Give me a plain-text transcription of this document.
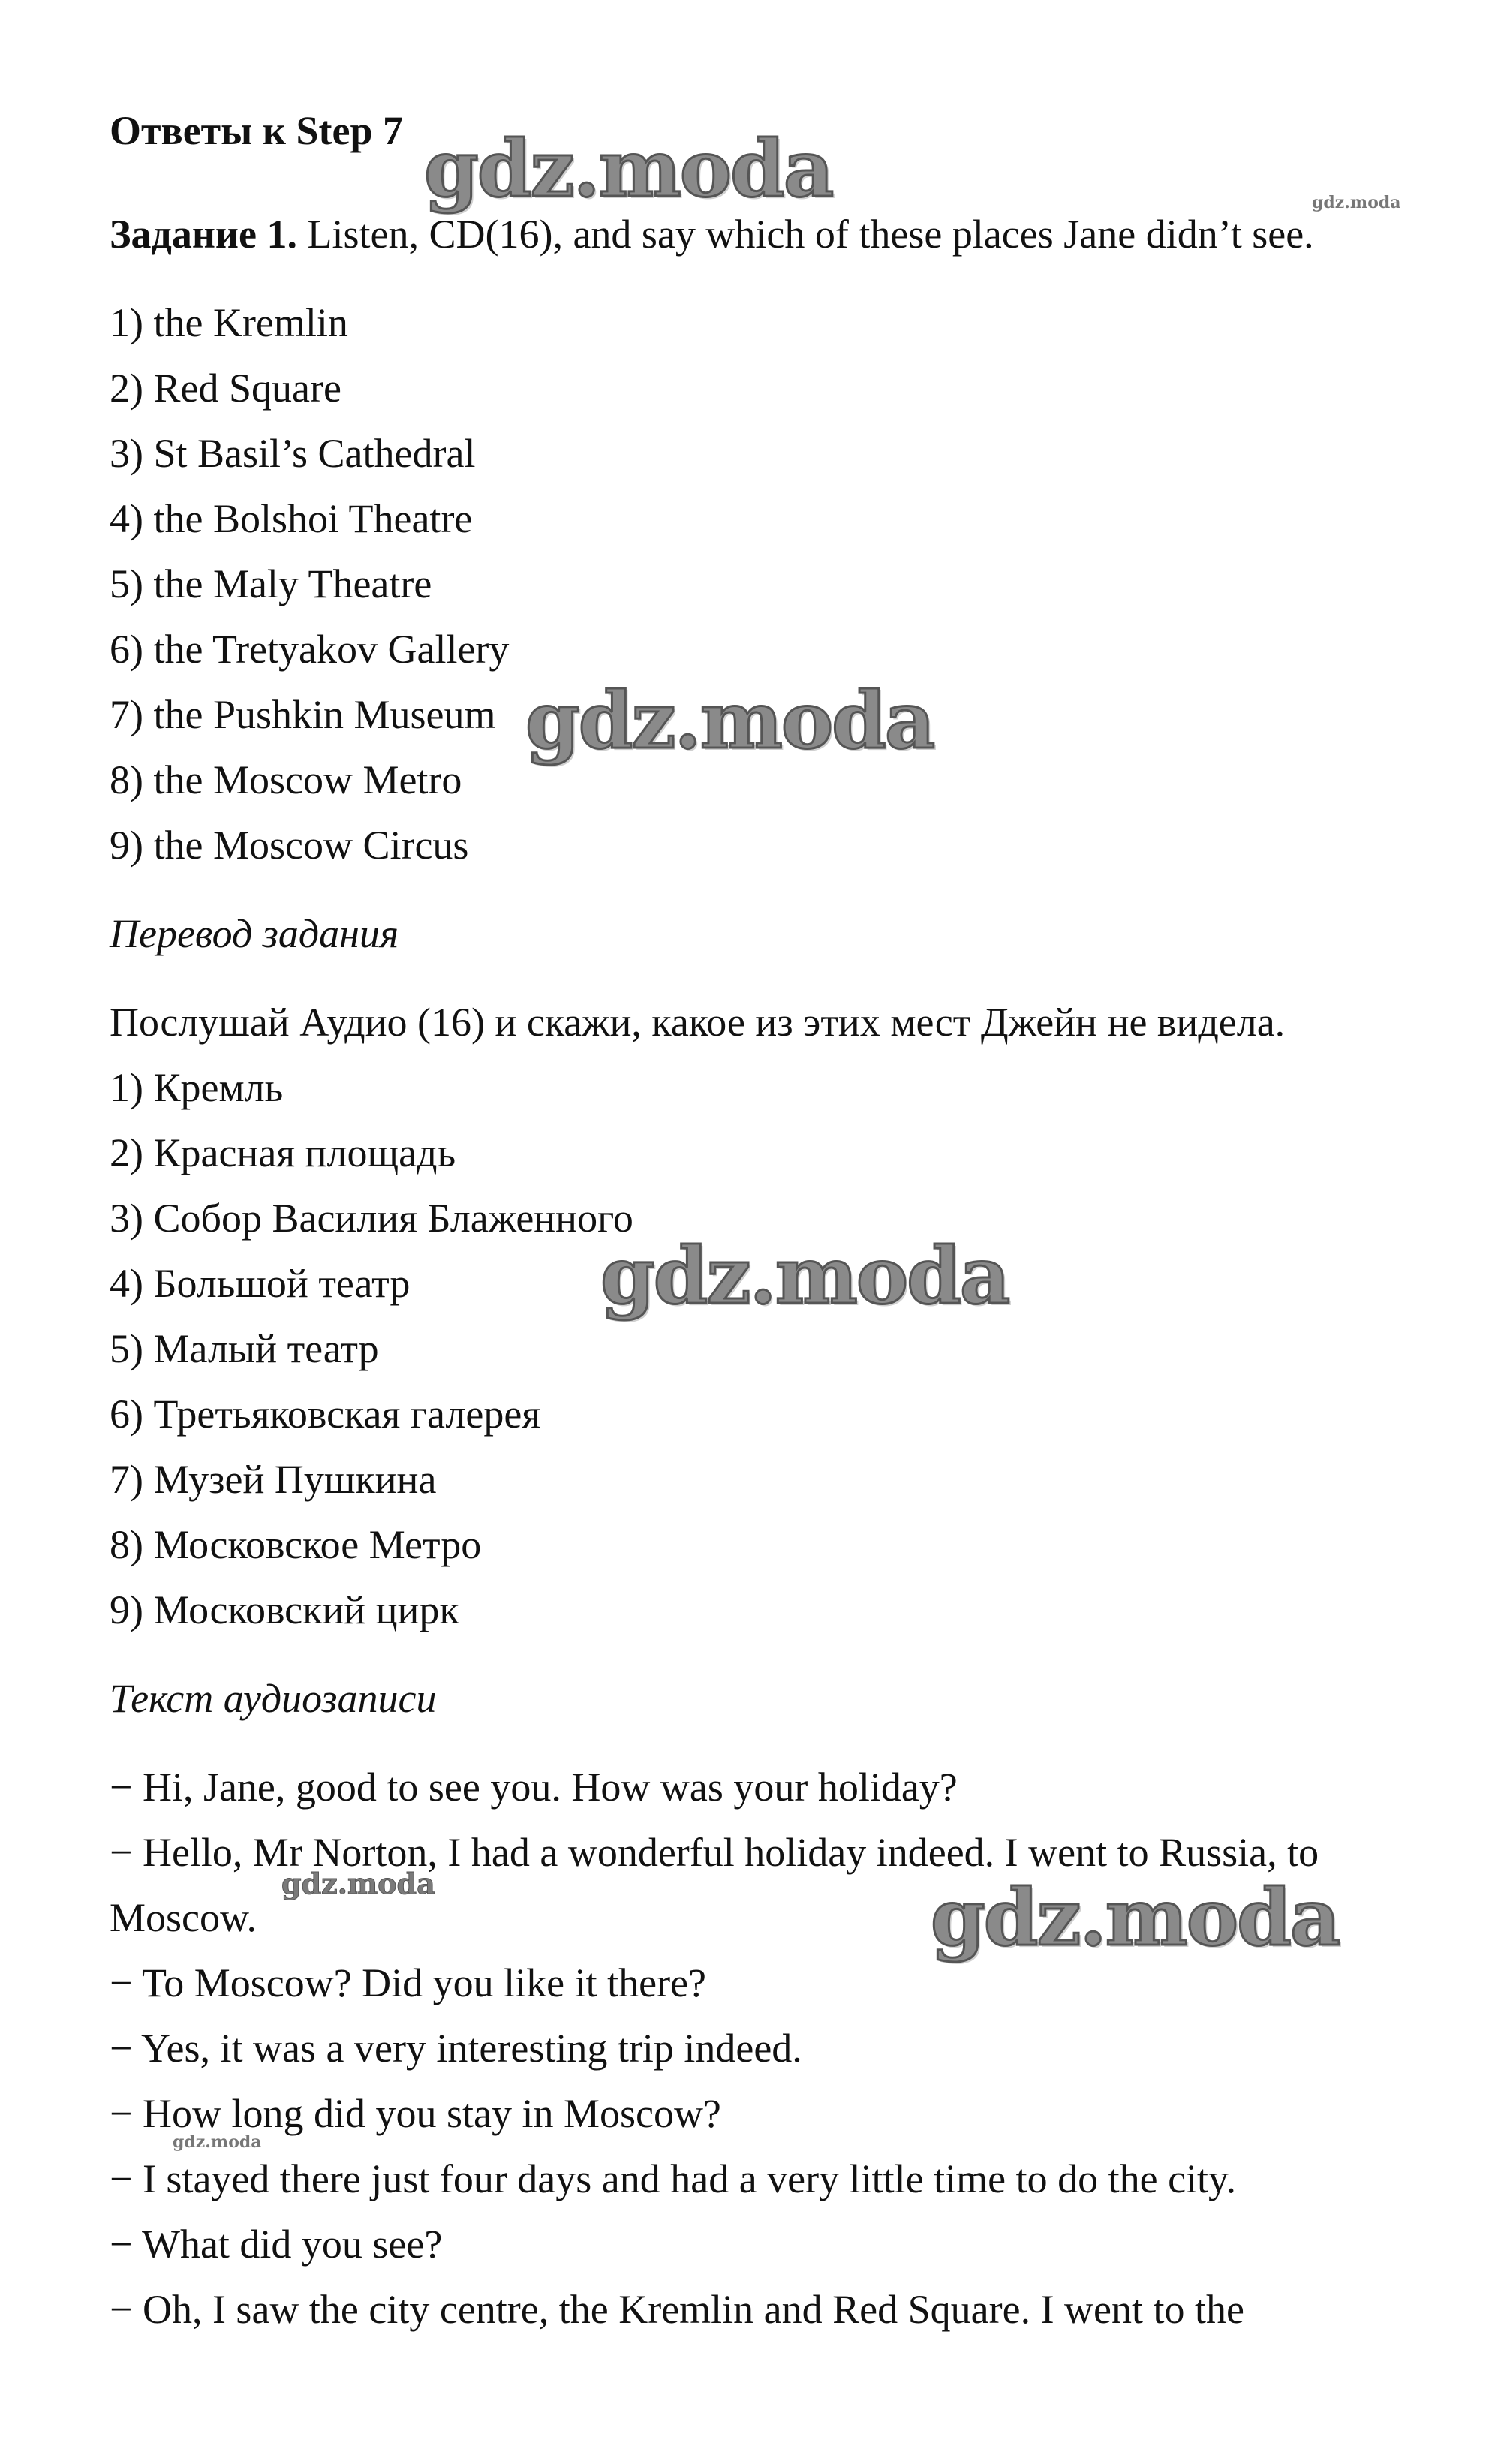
Ответы к Step 7
Задание 1. Listen, CD(16), and say which of these places Jane didn’t see.
1) the Kremlin
2) Red Square
3) St Basil’s Cathedral
4) the Bolshoi Theatre
5) the Maly Theatre
6) the Tretyakov Gallery
7) the Pushkin Museum
8) the Moscow Metro
9) the Moscow Circus
Перевод задания
Послушай Аудио (16) и скажи, какое из этих мест Джейн не видела.
1) Кремль
2) Красная площадь
3) Собор Василия Блаженного
4) Большой театр
5) Малый театр
6) Третьяковская галерея
7) Музей Пушкина
8) Московское Метро
9) Московский цирк
Текст аудиозаписи
− Hi, Jane, good to see you. How was your holiday?
− Hello, Mr Norton, I had a wonderful holiday indeed. I went to Russia, to
Moscow.
− To Moscow? Did you like it there?
− Yes, it was a very interesting trip indeed.
− How long did you stay in Moscow?
− I stayed there just four days and had a very little time to do the city.
− What did you see?
− Oh, I saw the city centre, the Kremlin and Red Square. I went to the
gdz.moda	gdz.moda
gdz.moda
gdz.moda
gdz.moda	gdz.moda
gdz.moda
